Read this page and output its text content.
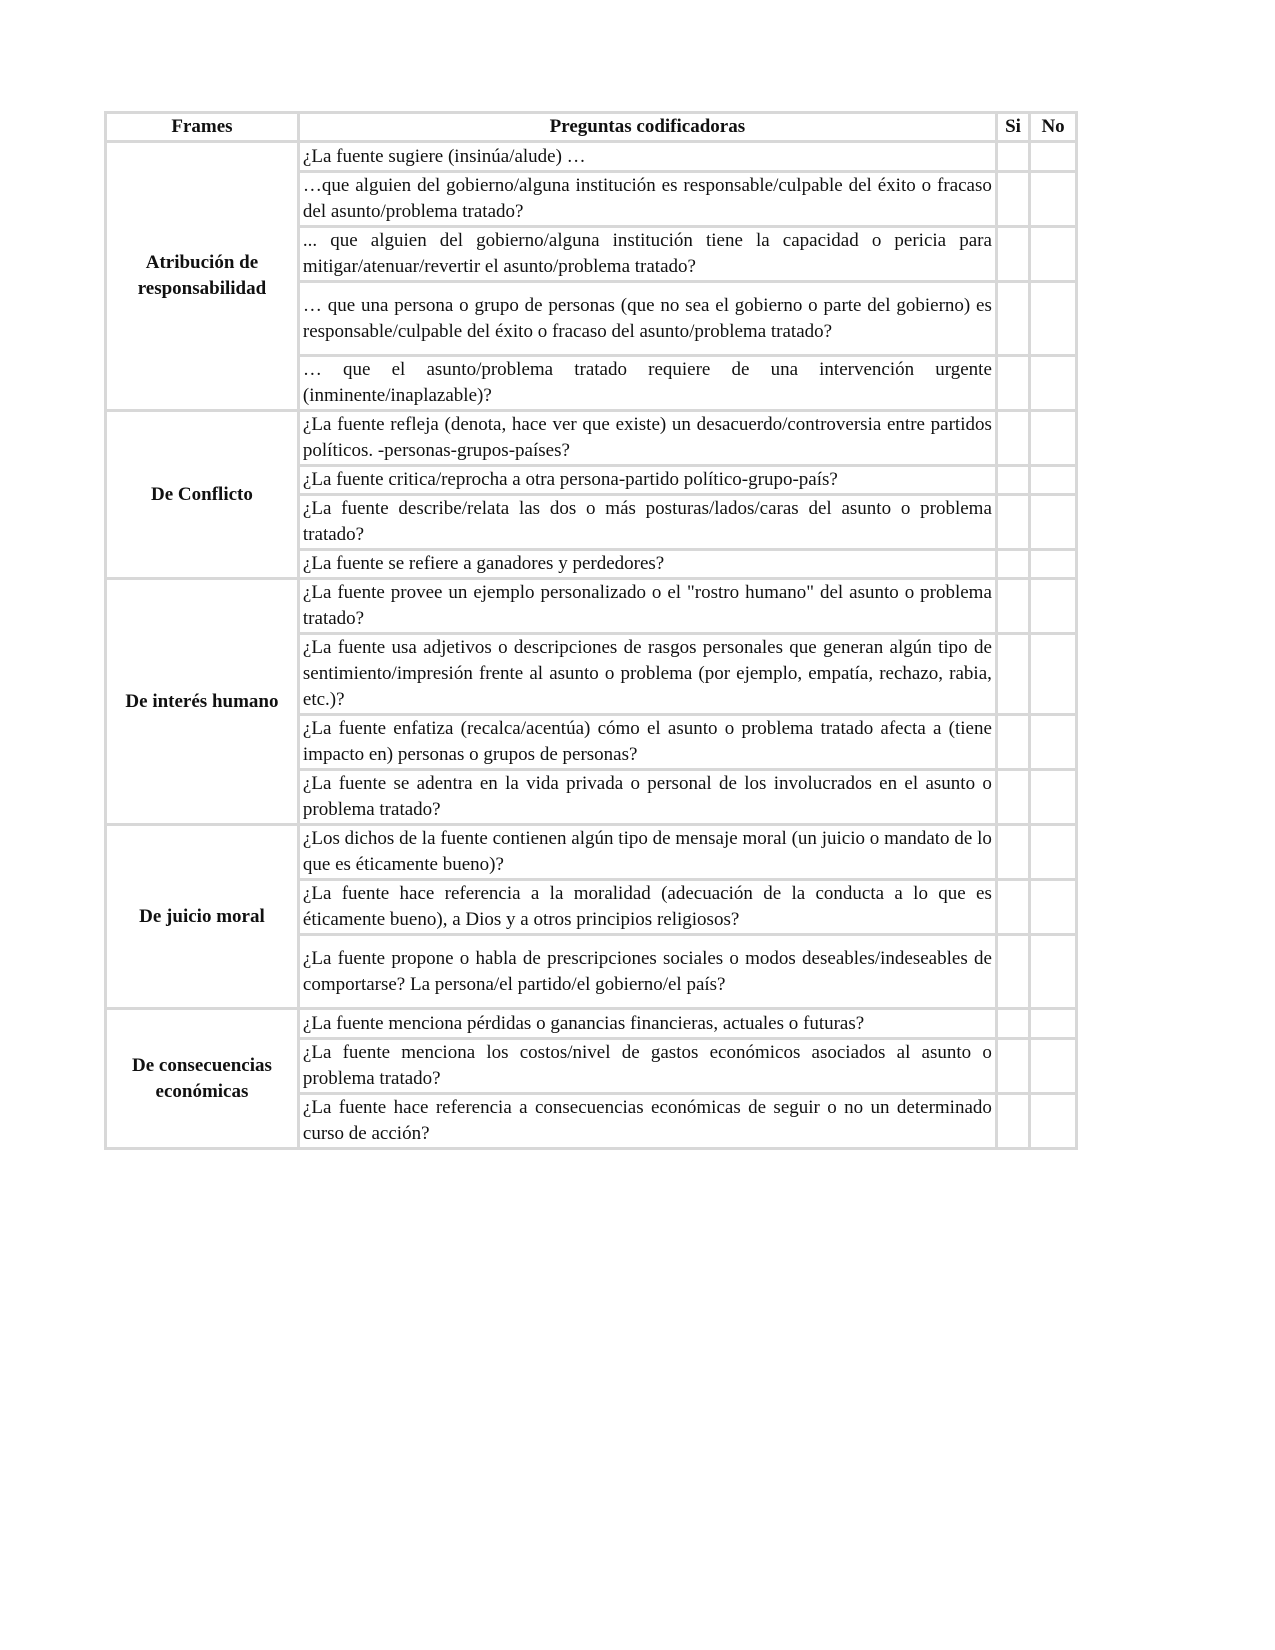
Frames	Preguntas codificadoras	Si	No
Atribución de responsabilidad	¿La fuente sugiere (insinúa/alude) …		
	…que alguien del gobierno/alguna institución es responsable/culpable del éxito o fracaso del asunto/problema tratado?		
	... que alguien del gobierno/alguna institución tiene la capacidad o pericia para mitigar/atenuar/revertir el asunto/problema tratado?		
	… que una persona o grupo de personas (que no sea el gobierno o parte del gobierno) es responsable/culpable del éxito o fracaso del asunto/problema tratado?		
	… que el asunto/problema tratado requiere de una intervención urgente (inminente/inaplazable)?		
De Conflicto	¿La fuente refleja (denota, hace ver que existe) un desacuerdo/controversia entre partidos políticos. -personas-grupos-países?		
	¿La fuente critica/reprocha a otra persona-partido político-grupo-país?		
	¿La fuente describe/relata las dos o más posturas/lados/caras del asunto o problema tratado?		
	¿La fuente se refiere a ganadores y perdedores?		
De interés humano	¿La fuente provee un ejemplo personalizado o el "rostro humano" del asunto o problema tratado?		
	¿La fuente usa adjetivos o descripciones de rasgos personales que generan algún tipo de sentimiento/impresión frente al asunto o problema (por ejemplo, empatía, rechazo, rabia, etc.)?		
	¿La fuente enfatiza (recalca/acentúa) cómo el asunto o problema tratado afecta a (tiene impacto en) personas o grupos de personas?		
	¿La fuente se adentra en la vida privada o personal de los involucrados en el asunto o problema tratado?		
De juicio moral	¿Los dichos de la fuente contienen algún tipo de mensaje moral (un juicio o mandato de lo que es éticamente bueno)?		
	¿La fuente hace referencia a la moralidad (adecuación de la conducta a lo que es éticamente bueno), a Dios y a otros principios religiosos?		
	¿La fuente propone o habla de prescripciones sociales o modos deseables/indeseables de comportarse? La persona/el partido/el gobierno/el país?		
De consecuencias económicas	¿La fuente menciona pérdidas o ganancias financieras, actuales o futuras?		
	¿La fuente menciona los costos/nivel de gastos económicos asociados al asunto o problema tratado?		
	¿La fuente hace referencia a consecuencias económicas de seguir o no un determinado curso de acción?		
